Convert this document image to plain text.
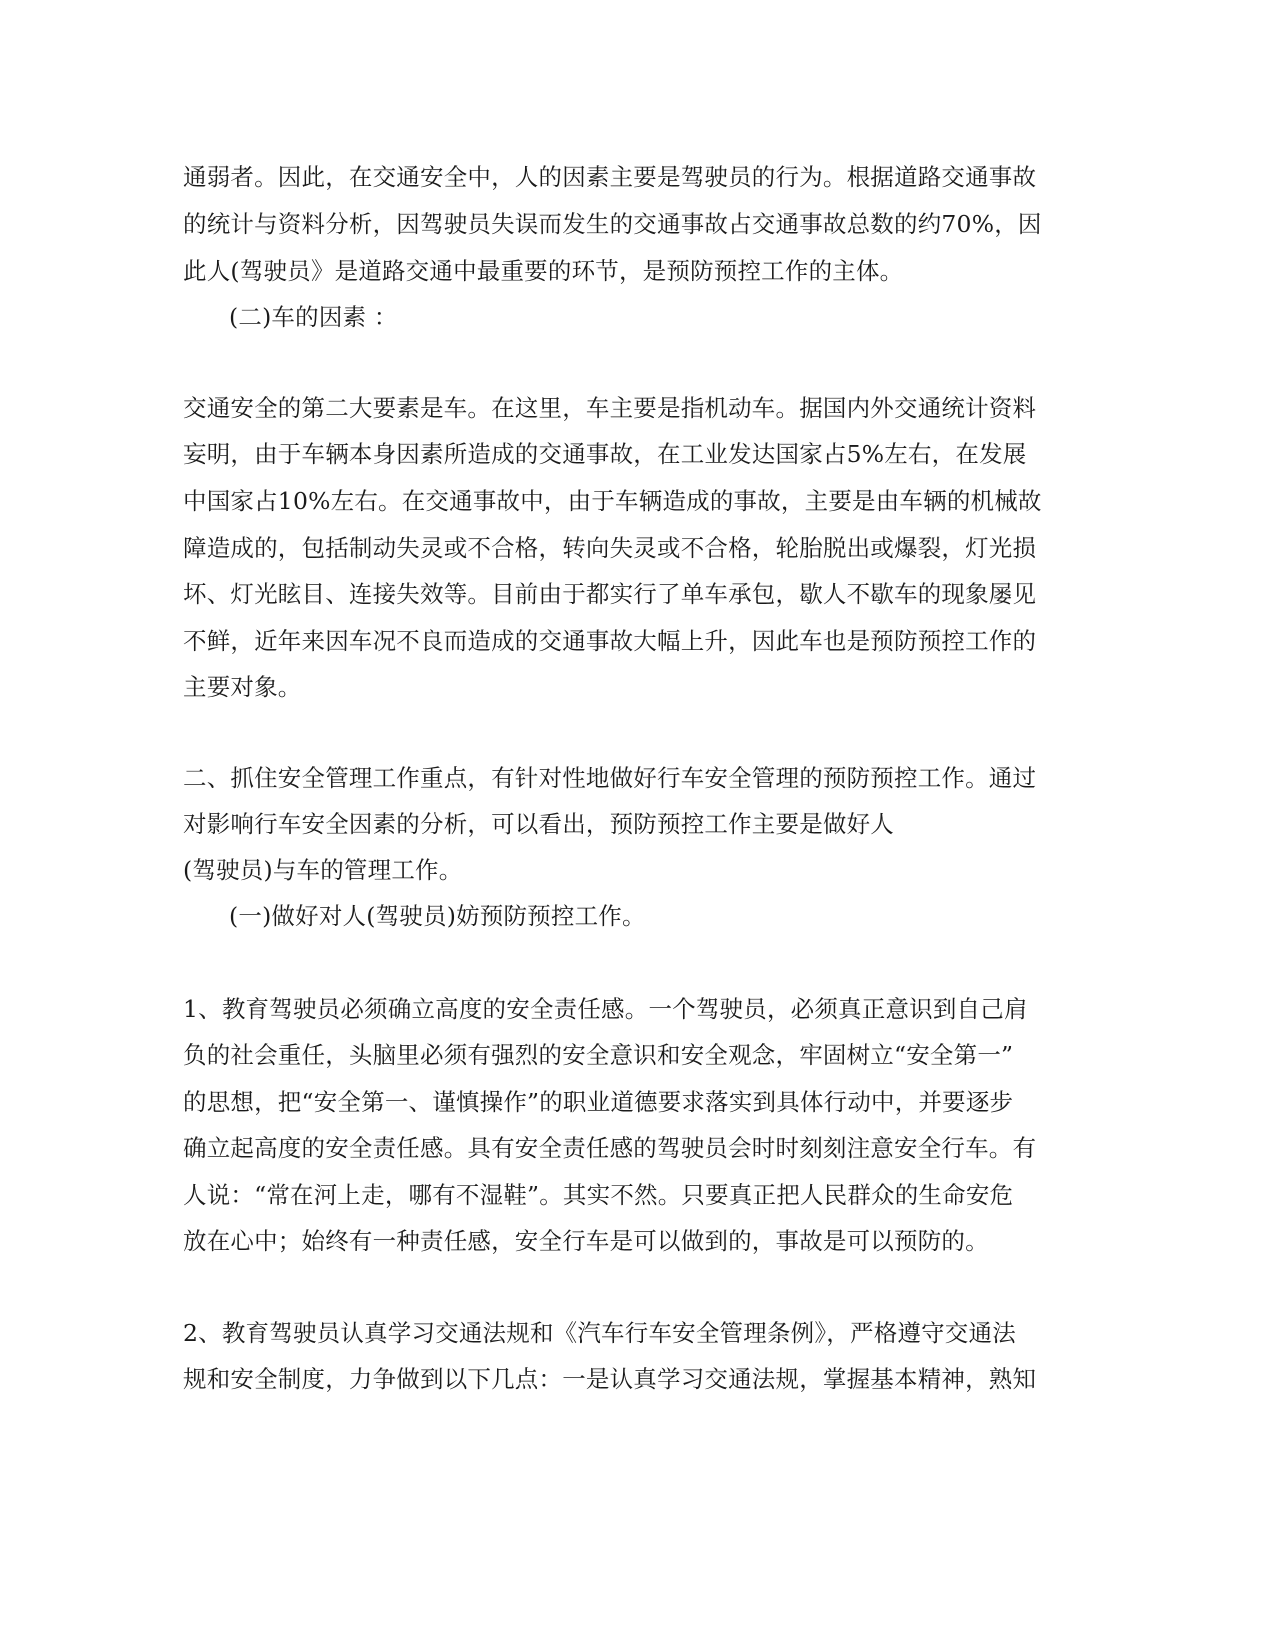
通弱者。因此，在交通安全中，人的因素主要是驾驶员的行为。根据道路交通事故
的统计与资料分析，因驾驶员失误而发生的交通事故占交通事故总数的约70%，因
此人(驾驶员》是道路交通中最重要的环节，是预防预控工作的主体。
(二)车的因素 ：
交通安全的第二大要素是车。在这里，车主要是指机动车。据国内外交通统计资料
妄明，由于车辆本身因素所造成的交通事故，在工业发达国家占5%左右，在发展
中国家占10%左右。在交通事故中，由于车辆造成的事故，主要是由车辆的机械故
障造成的，包括制动失灵或不合格，转向失灵或不合格，轮胎脱出或爆裂，灯光损
坏、灯光眩目、连接失效等。目前由于都实行了单车承包，歇人不歇车的现象屡见
不鲜，近年来因车况不良而造成的交通事故大幅上升，因此车也是预防预控工作的
主要对象。
二、抓住安全管理工作重点，有针对性地做好行车安全管理的预防预控工作。通过
对影响行车安全因素的分析，可以看出，预防预控工作主要是做好人
(驾驶员)与车的管理工作。
(一)做好对人(驾驶员)妨预防预控工作。
1、教育驾驶员必须确立高度的安全责任感。一个驾驶员，必须真正意识到自己肩
负的社会重任，头脑里必须有强烈的安全意识和安全观念，牢固树立“安全第一”
的思想，把“安全第一、谨慎操作”的职业道德要求落实到具体行动中，并要逐步
确立起高度的安全责任感。具有安全责任感的驾驶员会时时刻刻注意安全行车。有
人说：“常在河上走，哪有不湿鞋”。其实不然。只要真正把人民群众的生命安危
放在心中；始终有一种责任感，安全行车是可以做到的，事故是可以预防的。
2、教育驾驶员认真学习交通法规和《汽车行车安全管理条例》，严格遵守交通法
规和安全制度，力争做到以下几点：一是认真学习交通法规，掌握基本精神，熟知
